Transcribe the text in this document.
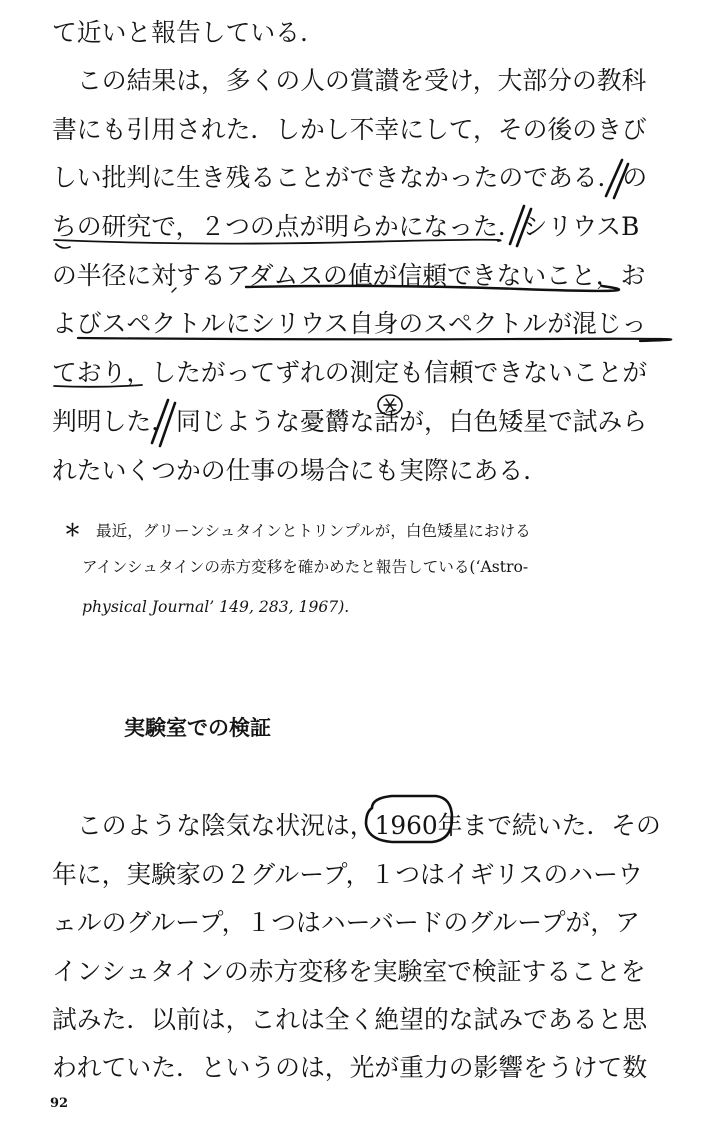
て近いと報告している.
この結果は，多くの人の賞讃を受け，大部分の教科
書にも引用された．しかし不幸にして，その後のきび
しい批判に生き残ることができなかったのである．の
ちの研究で，２つの点が明らかになった．シリウスB
の半径に対するアダムスの値が信頼できないこと，お
よびスペクトルにシリウス自身のスペクトルが混じっ
ており，したがってずれの測定も信頼できないことが
判明した．同じような憂欝な話が，白色矮星で試みら
れたいくつかの仕事の場合にも実際にある.
＊ 最近，グリーンシュタインとトリンプルが，白色矮星における
アインシュタインの赤方変移を確かめたと報告している(‘Astro-
physical Journal’ 149, 283, 1967).
実験室での検証
このような陰気な状況は，1960年まで続いた．その
年に，実験家の２グループ，１つはイギリスのハーウ
ェルのグループ，１つはハーバードのグループが，ア
インシュタインの赤方変移を実験室で検証することを
試みた．以前は，これは全く絶望的な試みであると思
われていた．というのは，光が重力の影響をうけて数
92
